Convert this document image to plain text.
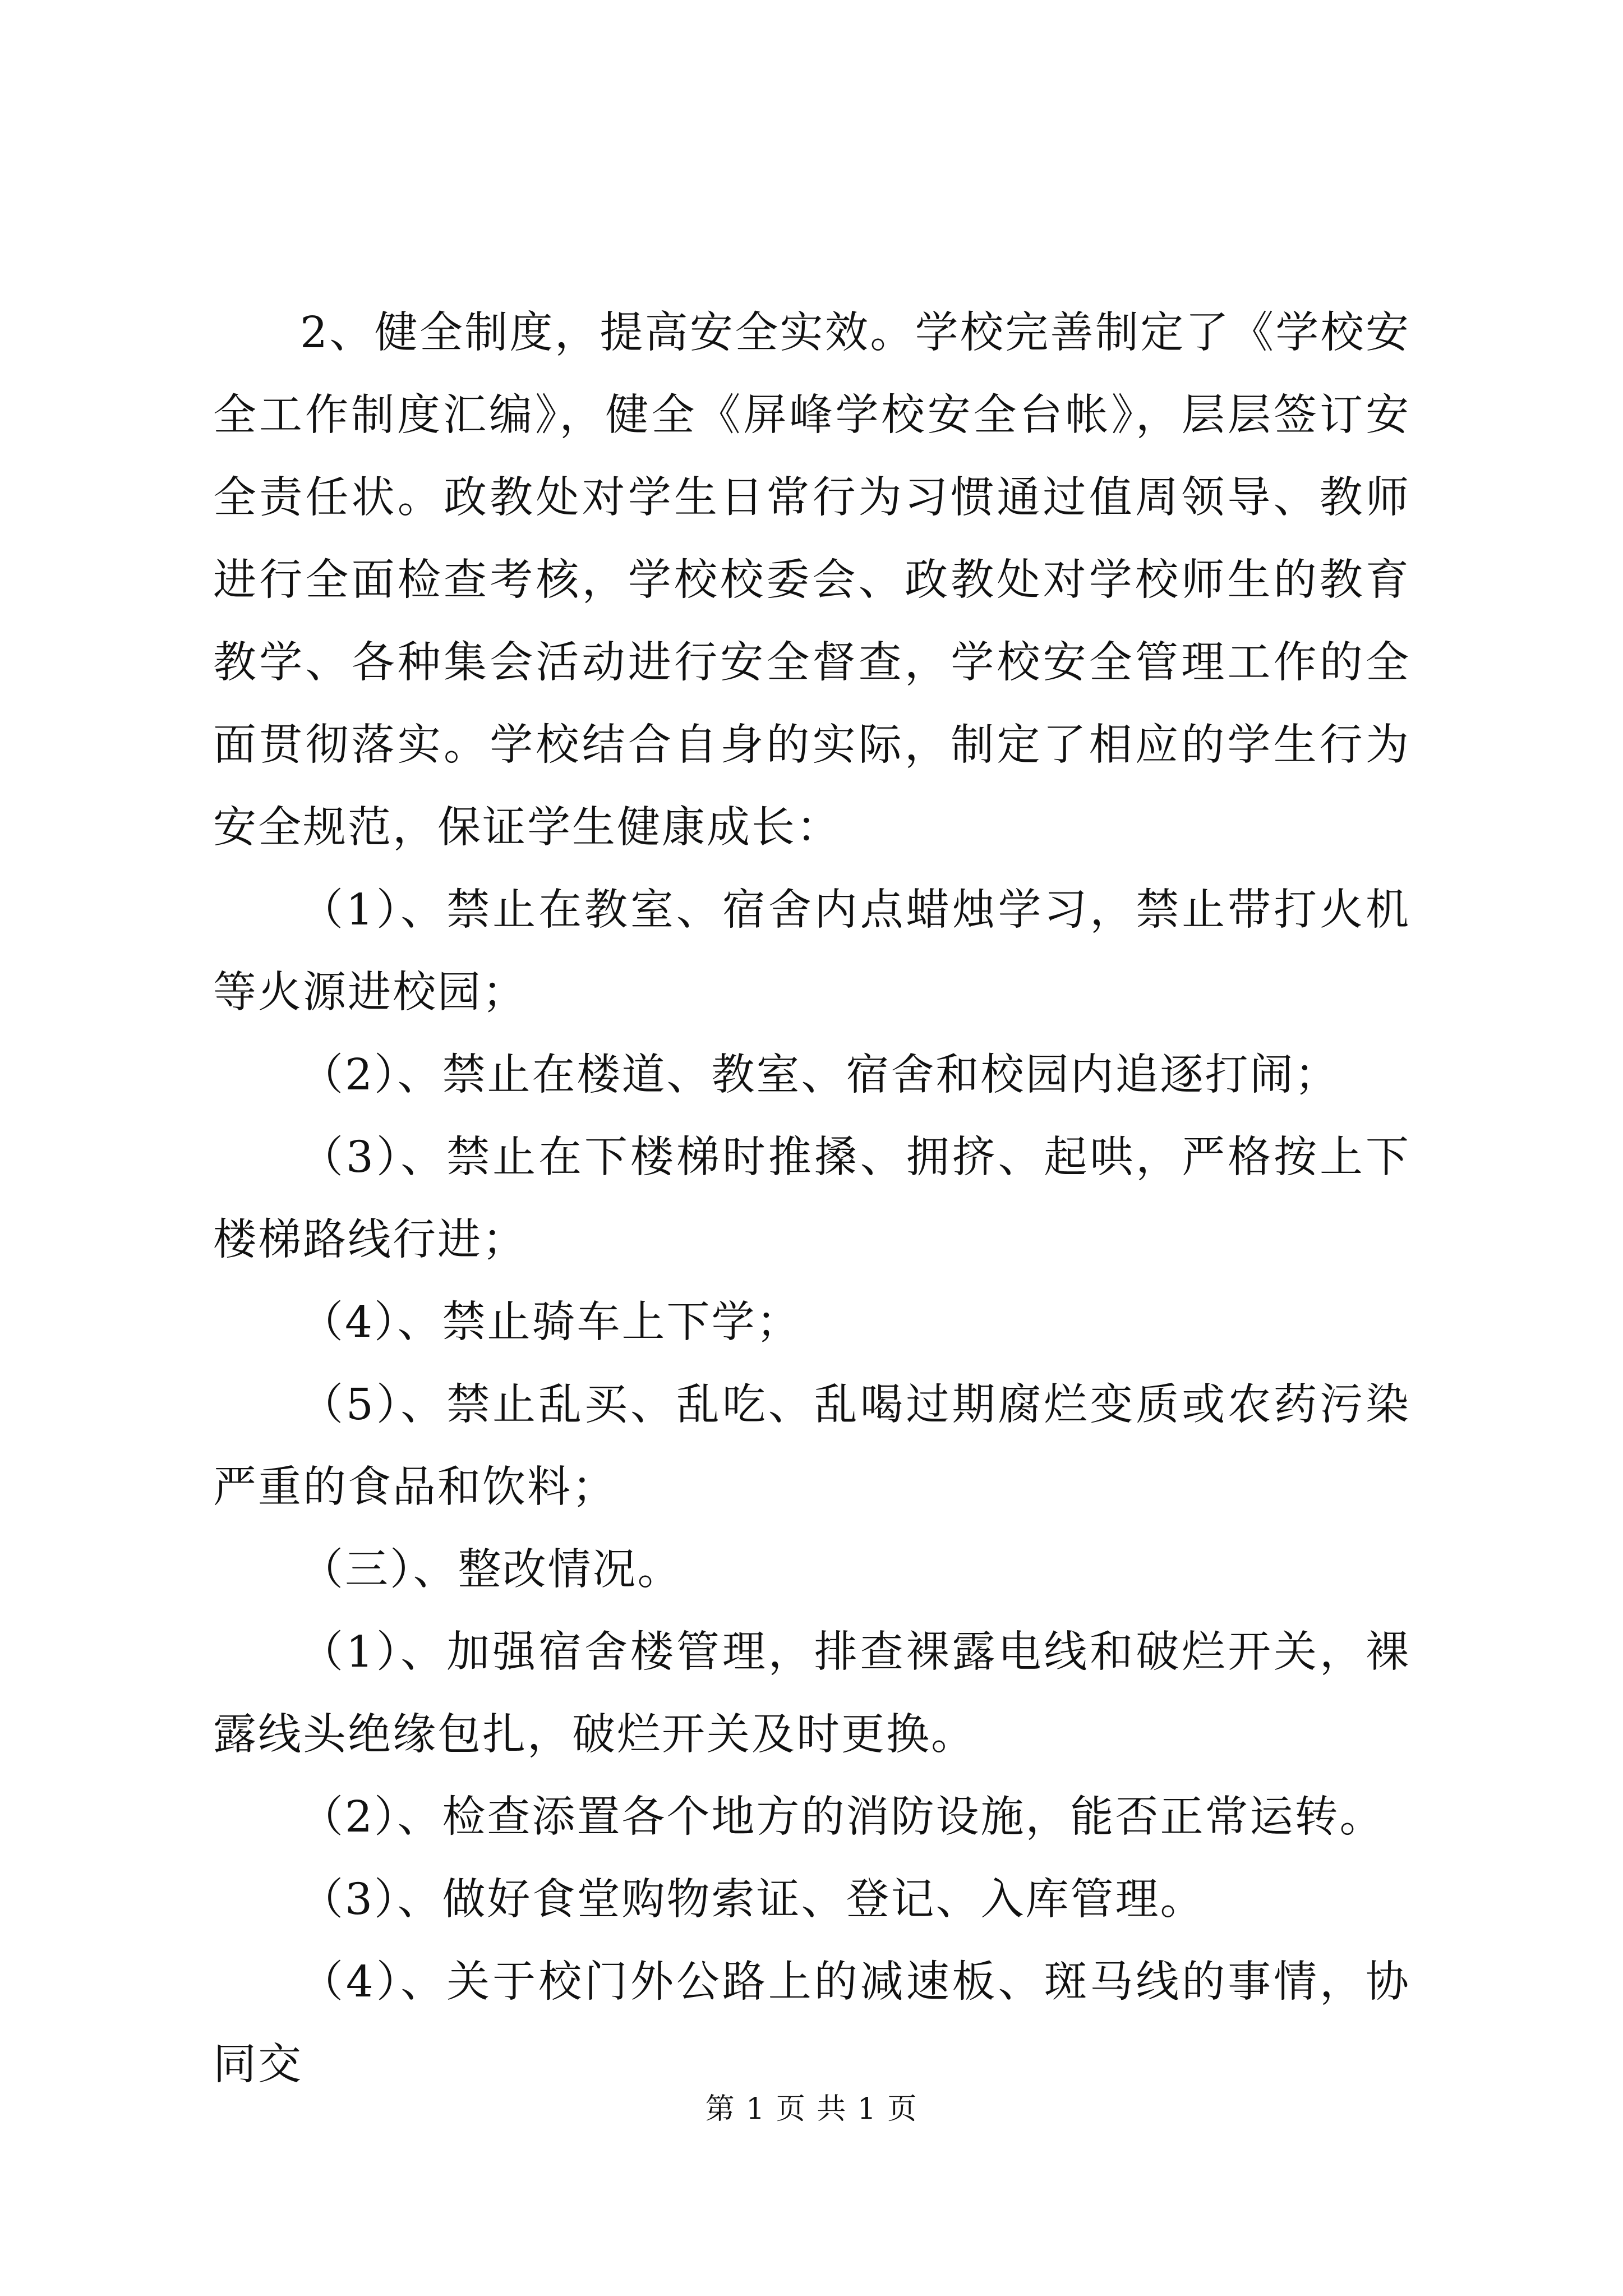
2、健全制度，提高安全实效。学校完善制定了《学校安全工作制度汇编》，健全《屏峰学校安全台帐》，层层签订安全责任状。政教处对学生日常行为习惯通过值周领导、教师进行全面检查考核，学校校委会、政教处对学校师生的教育教学、各种集会活动进行安全督查，学校安全管理工作的全面贯彻落实。学校结合自身的实际，制定了相应的学生行为安全规范，保证学生健康成长：

（1）、禁止在教室、宿舍内点蜡烛学习，禁止带打火机等火源进校园；

（2）、禁止在楼道、教室、宿舍和校园内追逐打闹；

（3）、禁止在下楼梯时推搡、拥挤、起哄，严格按上下楼梯路线行进；

（4）、禁止骑车上下学；

（5）、禁止乱买、乱吃、乱喝过期腐烂变质或农药污染严重的食品和饮料；

（三）、整改情况。

（1）、加强宿舍楼管理，排查裸露电线和破烂开关，裸露线头绝缘包扎，破烂开关及时更换。

（2）、检查添置各个地方的消防设施，能否正常运转。

（3）、做好食堂购物索证、登记、入库管理。

（4）、关于校门外公路上的减速板、斑马线的事情，协同交

第 1 页 共 1 页
